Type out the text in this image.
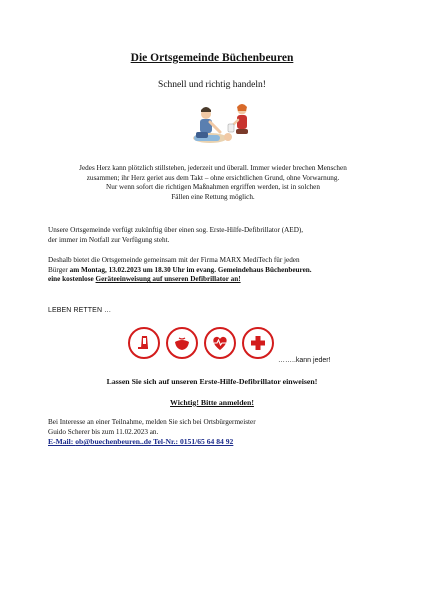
Die Ortsgemeinde Büchenbeuren
Schnell und richtig handeln!
Jedes Herz kann plötzlich stillstehen, jederzeit und überall. Immer wieder brechen Menschen
zusammen; ihr Herz geriet aus dem Takt – ohne ersichtlichen Grund, ohne Vorwarnung.
Nur wenn sofort die richtigen Maßnahmen ergriffen werden, ist in solchen
Fällen eine Rettung möglich.
Unsere Ortsgemeinde verfügt zukünftig über einen sog. Erste-Hilfe-Defibrillator (AED),
der immer im Notfall zur Verfügung steht.
Deshalb bietet die Ortsgemeinde gemeinsam mit der Firma MARX MediTech für jeden
Bürger am Montag, 13.02.2023 um 18.30 Uhr im evang. Gemeindehaus Büchenbeuren.
eine kostenlose Geräteeinweisung auf unseren Defibrillator an!
LEBEN RETTEN …
……..kann jeder!
Lassen Sie sich auf unseren Erste-Hilfe-Defibrillator einweisen!
Wichtig! Bitte anmelden!
Bei Interesse an einer Teilnahme, melden Sie sich bei Ortsbürgermeister
Guido Scherer bis zum 11.02.2023 an.
E-Mail: ob@buechenbeuren..de Tel-Nr.: 0151/65 64 84 92
